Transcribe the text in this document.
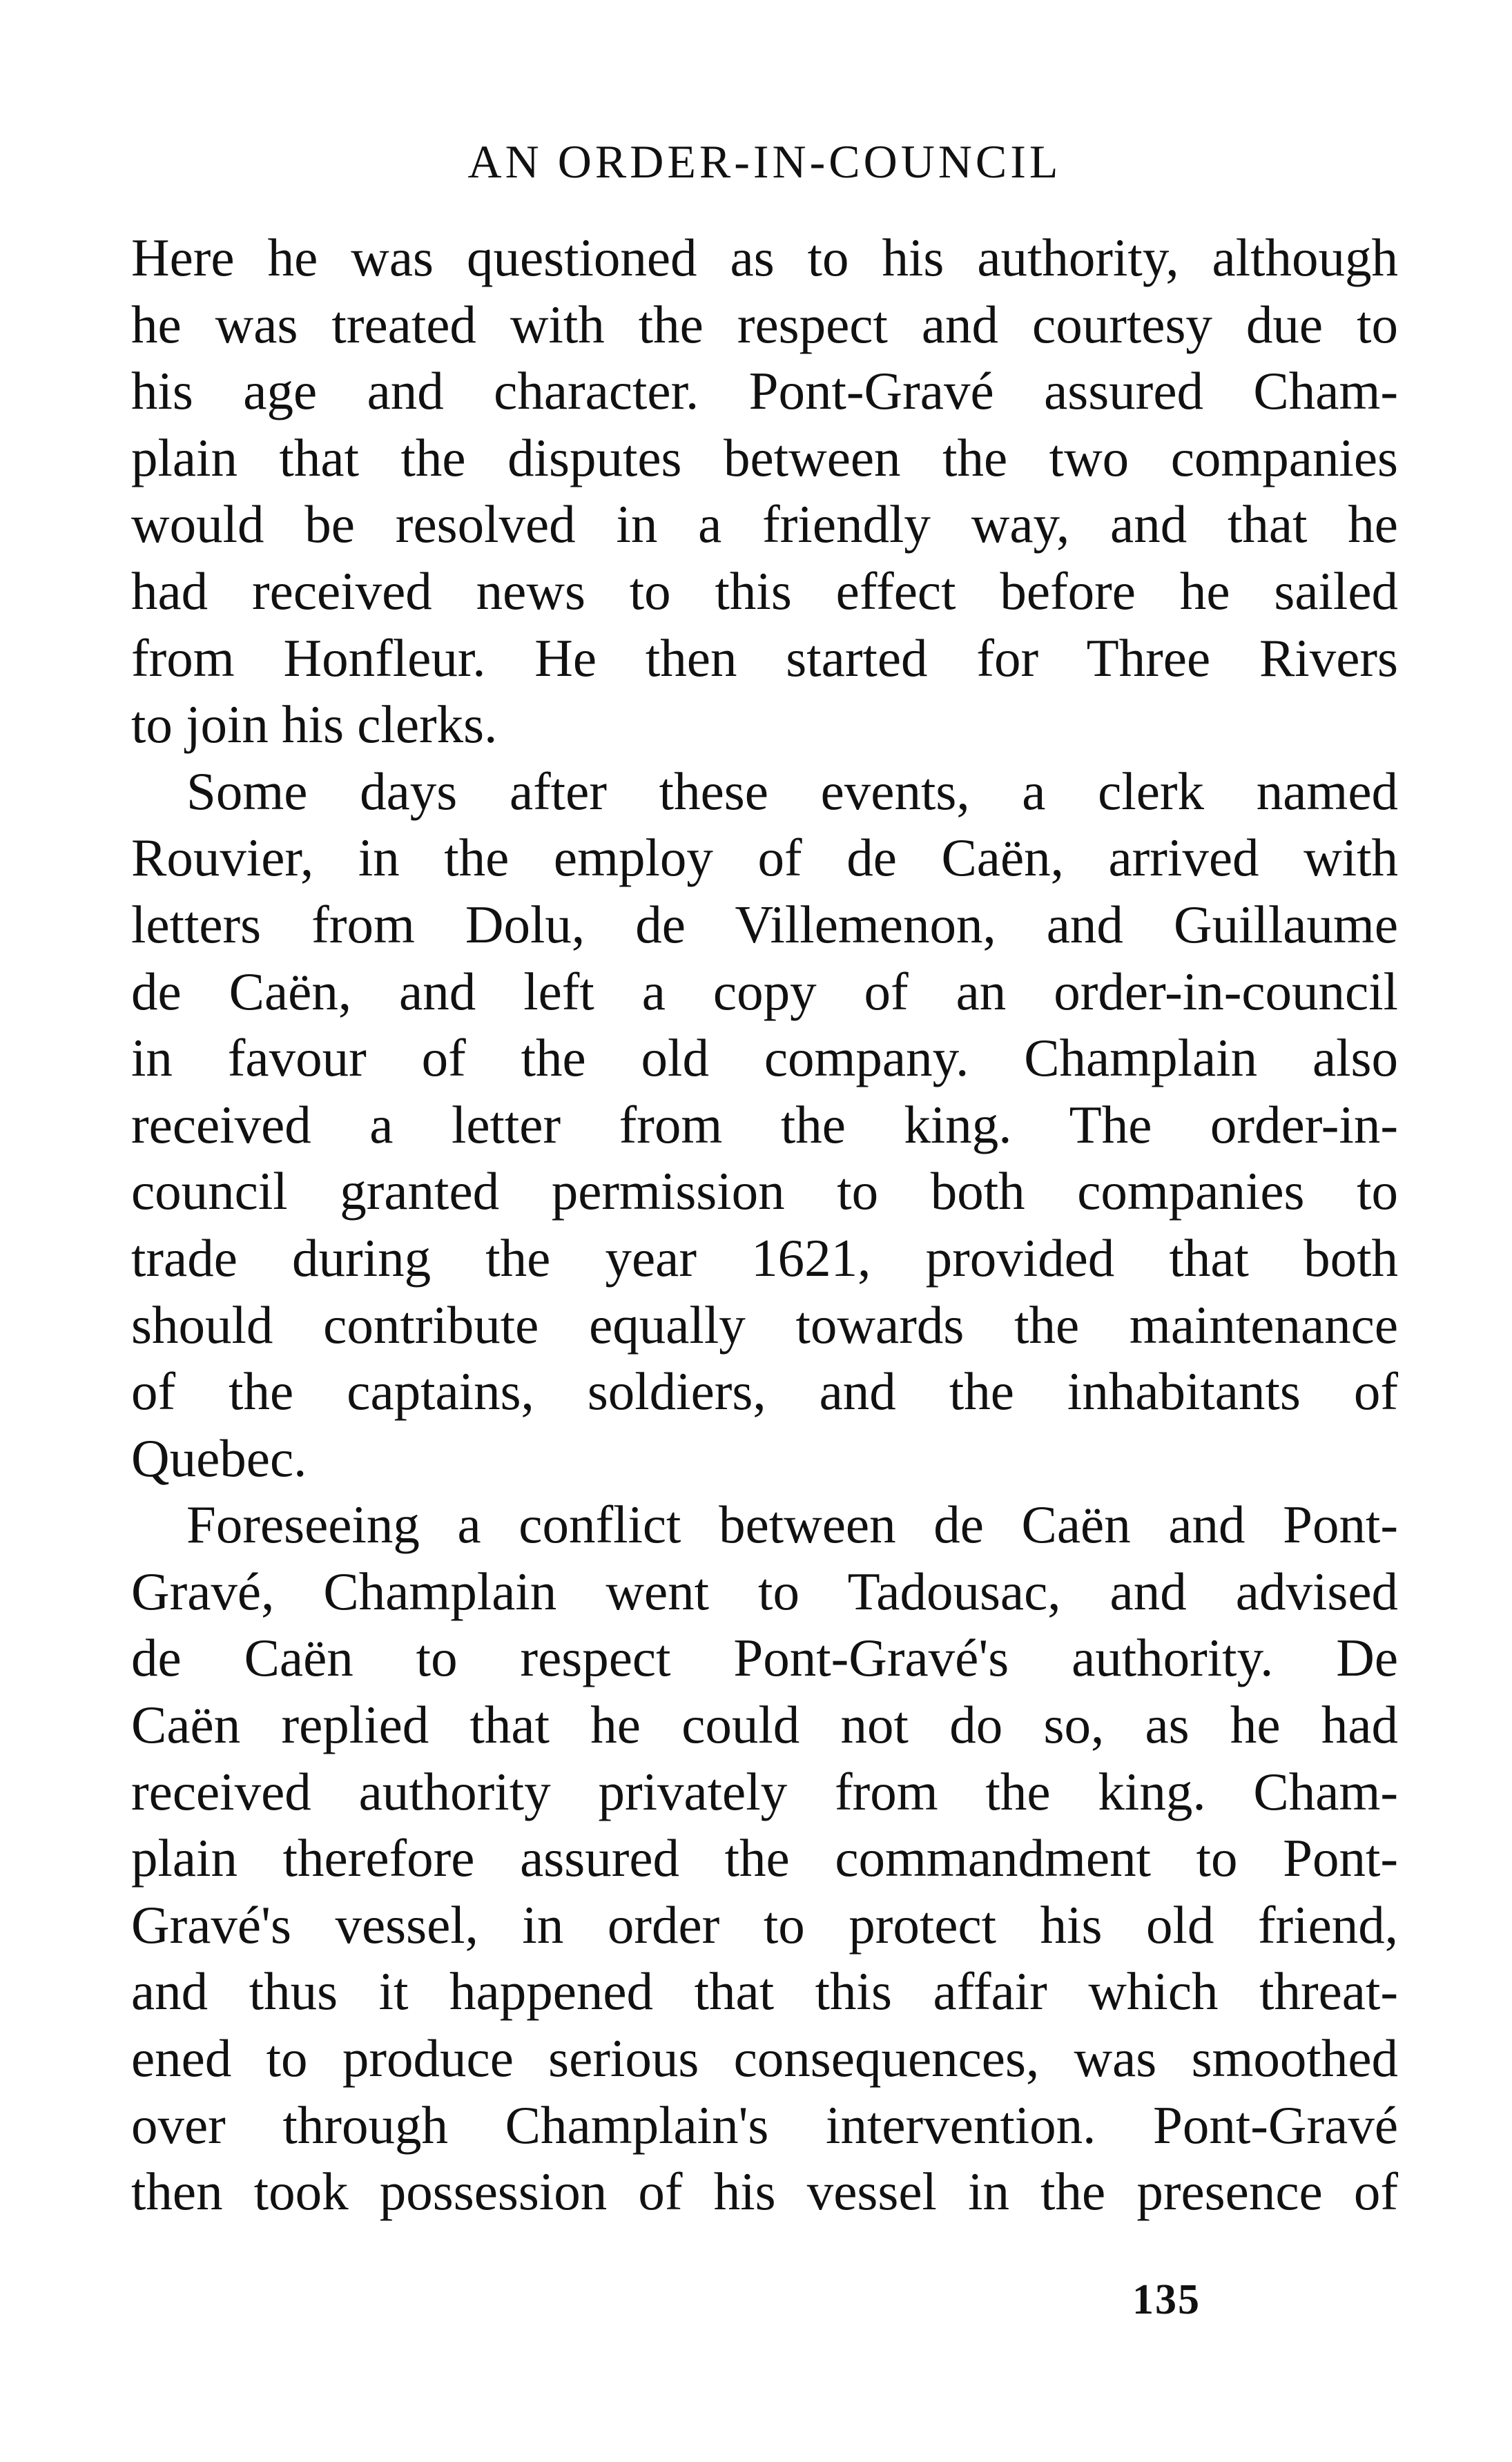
AN ORDER-IN-COUNCIL
Here he was questioned as to his authority, although
he was treated with the respect and courtesy due to
his age and character. Pont-Gravé assured Cham-
plain that the disputes between the two companies
would be resolved in a friendly way, and that he
had received news to this effect before he sailed
from Honfleur. He then started for Three Rivers
to join his clerks.
Some days after these events, a clerk named
Rouvier, in the employ of de Caën, arrived with
letters from Dolu, de Villemenon, and Guillaume
de Caën, and left a copy of an order-in-council
in favour of the old company. Champlain also
received a letter from the king. The order-in-
council granted permission to both companies to
trade during the year 1621, provided that both
should contribute equally towards the maintenance
of the captains, soldiers, and the inhabitants of
Quebec.
Foreseeing a conflict between de Caën and Pont-
Gravé, Champlain went to Tadousac, and advised
de Caën to respect Pont-Gravé's authority. De
Caën replied that he could not do so, as he had
received authority privately from the king. Cham-
plain therefore assured the commandment to Pont-
Gravé's vessel, in order to protect his old friend,
and thus it happened that this affair which threat-
ened to produce serious consequences, was smoothed
over through Champlain's intervention. Pont-Gravé
then took possession of his vessel in the presence of
135
